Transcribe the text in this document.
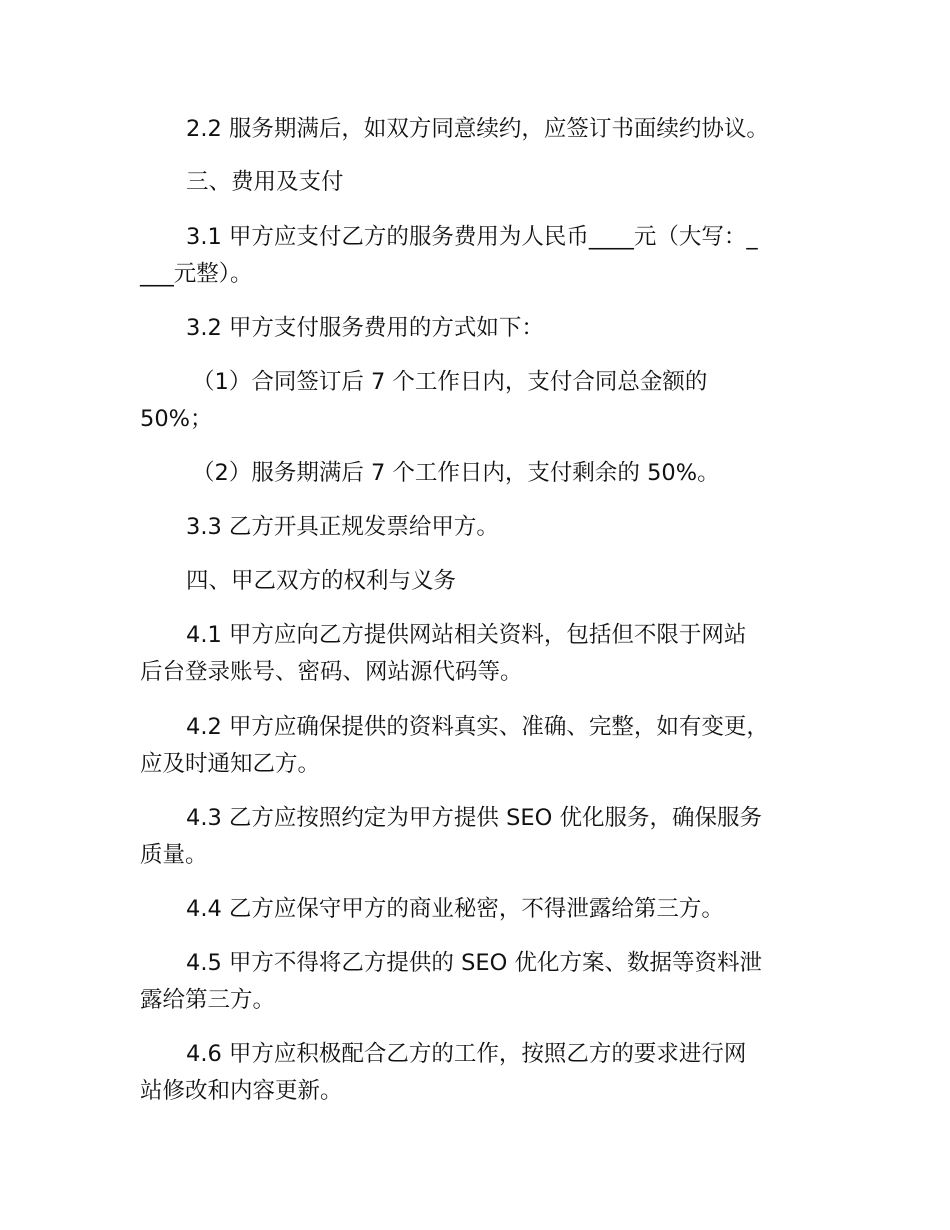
2.2 服务期满后，如双方同意续约，应签订书面续约协议。

三、费用及支付

3.1 甲方应支付乙方的服务费用为人民币____元（大写：_
___元整）。

3.2 甲方支付服务费用的方式如下：

（1）合同签订后 7 个工作日内，支付合同总金额的
50%；

（2）服务期满后 7 个工作日内，支付剩余的 50%。

3.3 乙方开具正规发票给甲方。

四、甲乙双方的权利与义务

4.1 甲方应向乙方提供网站相关资料，包括但不限于网站
后台登录账号、密码、网站源代码等。

4.2 甲方应确保提供的资料真实、准确、完整，如有变更，
应及时通知乙方。

4.3 乙方应按照约定为甲方提供 SEO 优化服务，确保服务
质量。

4.4 乙方应保守甲方的商业秘密，不得泄露给第三方。

4.5 甲方不得将乙方提供的 SEO 优化方案、数据等资料泄
露给第三方。

4.6 甲方应积极配合乙方的工作，按照乙方的要求进行网
站修改和内容更新。
